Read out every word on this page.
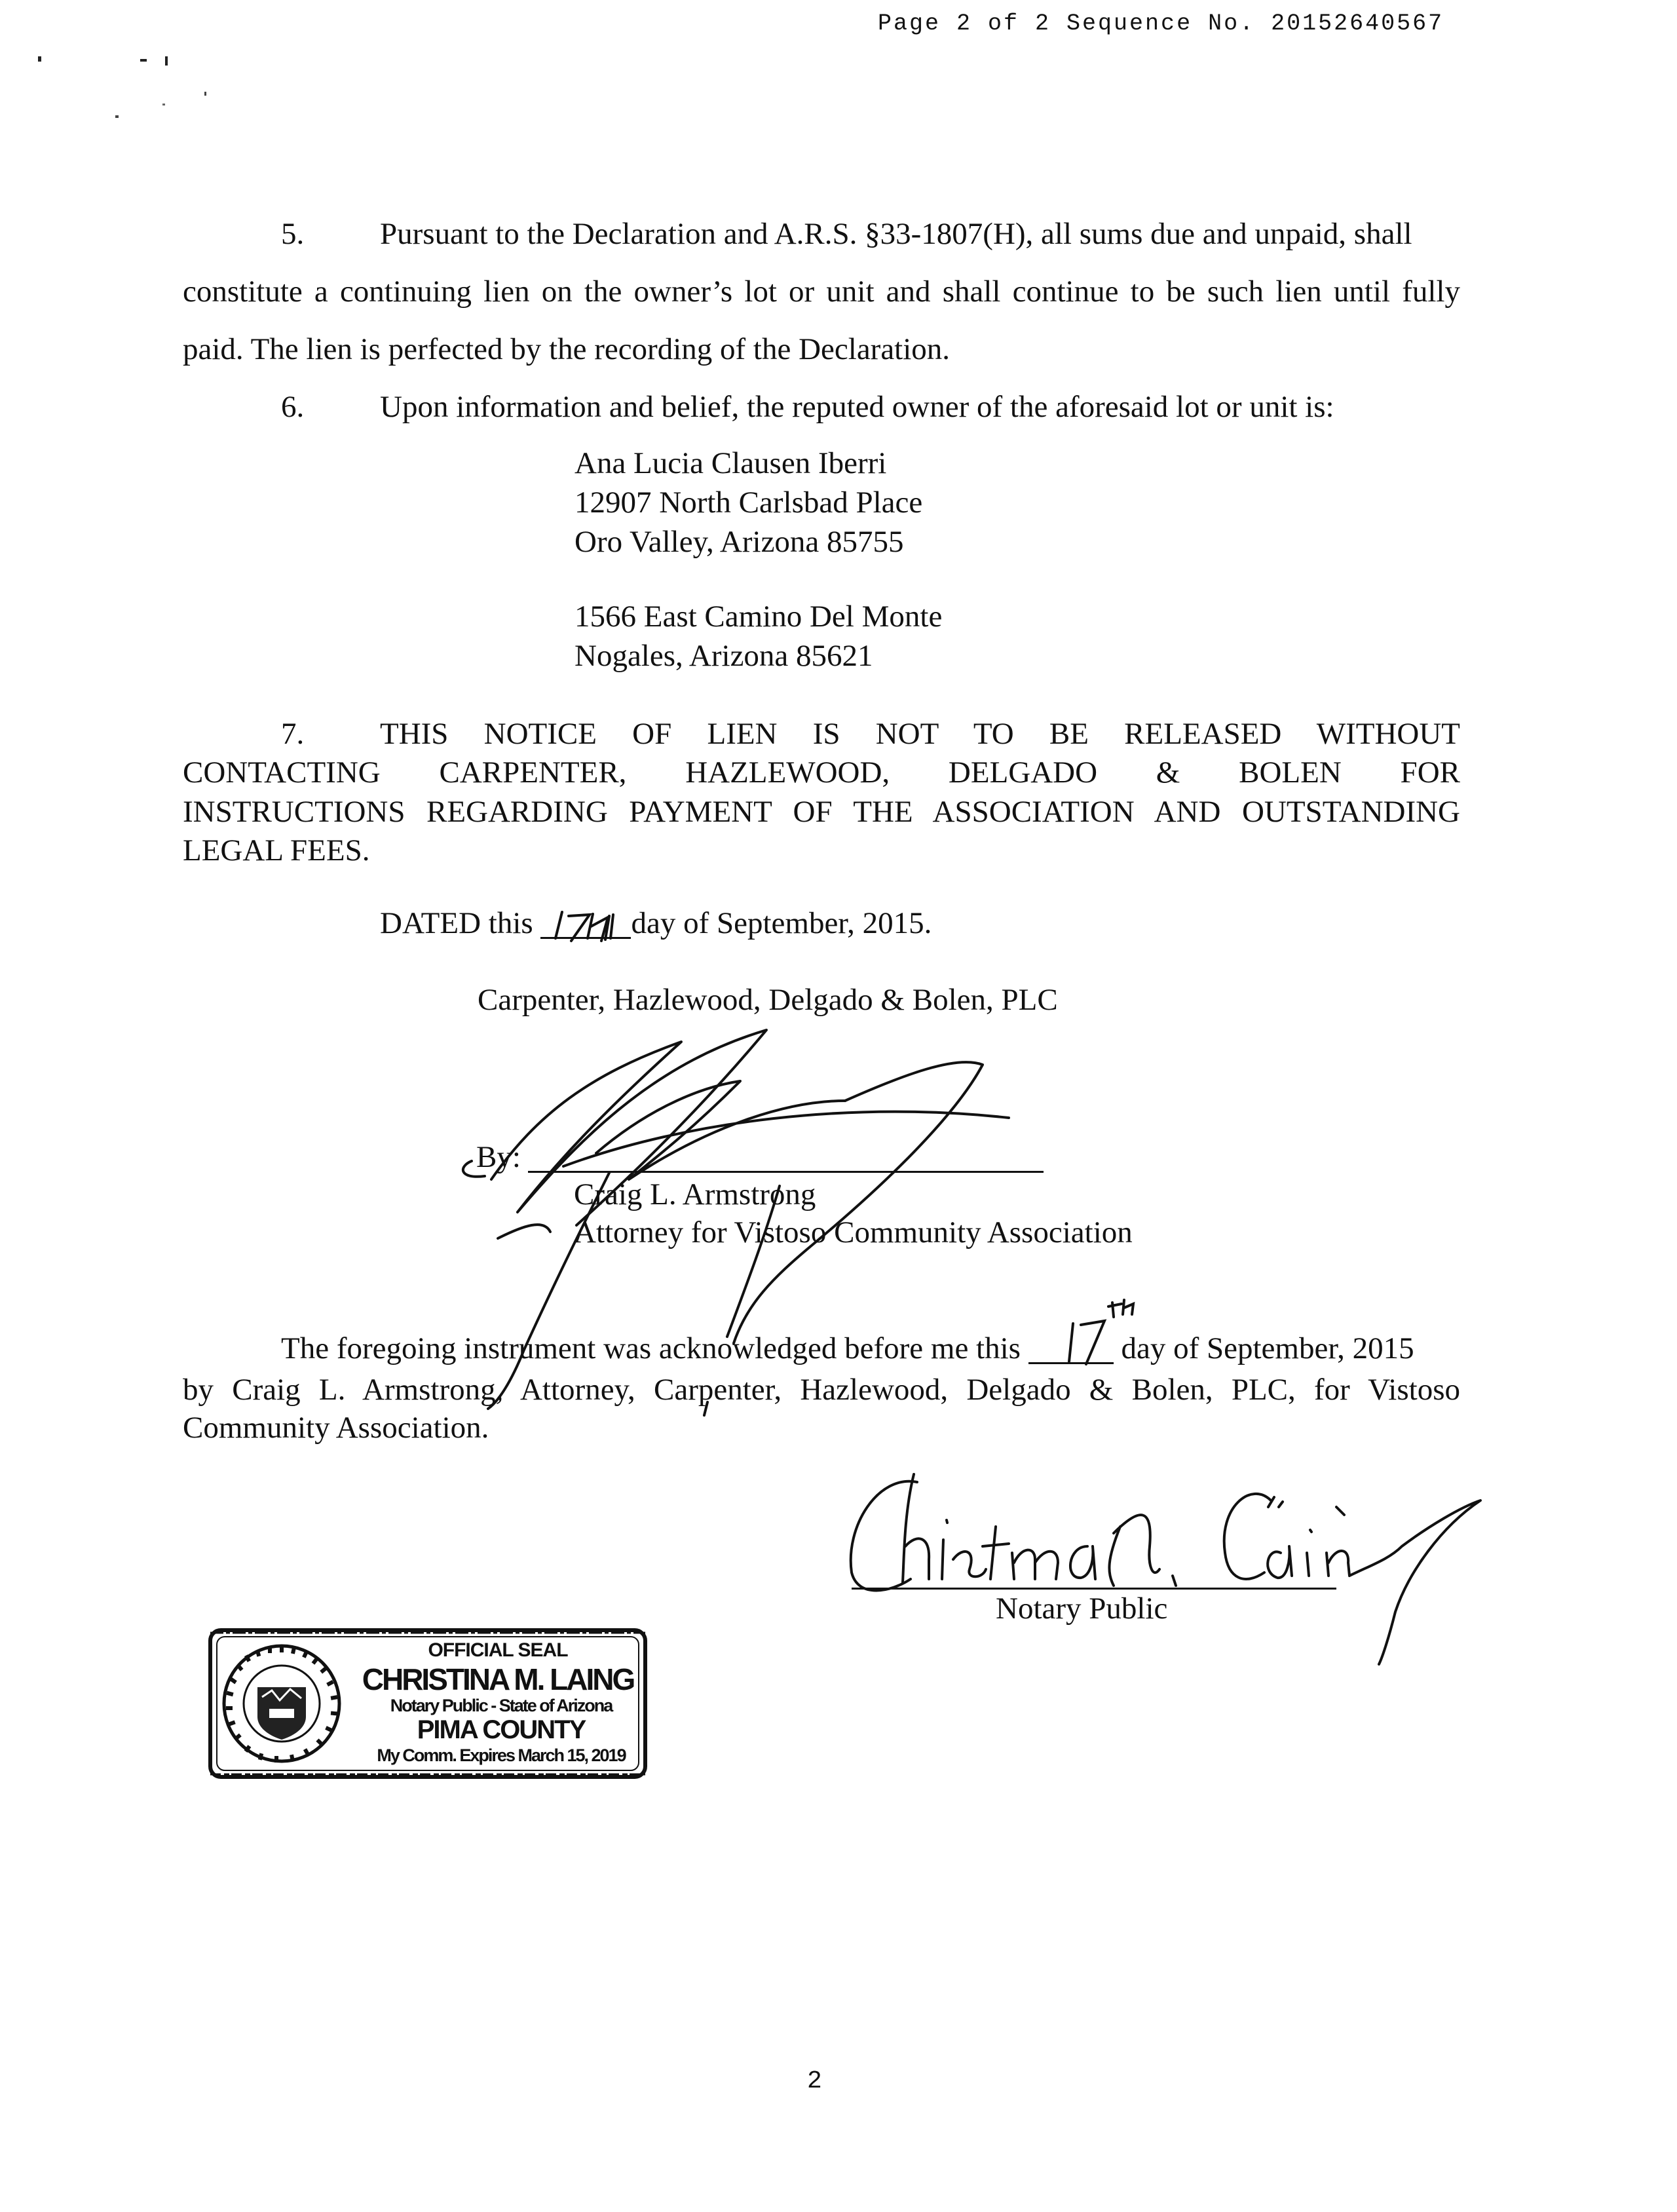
Page 2 of 2 Sequence No. 20152640567
5. Pursuant to the Declaration and A.R.S. §33-1807(H), all sums due and unpaid, shall
constitute a continuing lien on the owner’s lot or unit and shall continue to be such lien until fully
paid. The lien is perfected by the recording of the Declaration.
6. Upon information and belief, the reputed owner of the aforesaid lot or unit is:
Ana Lucia Clausen Iberri
12907 North Carlsbad Place
Oro Valley, Arizona 85755
1566 East Camino Del Monte
Nogales, Arizona 85621
7.	THIS NOTICE OF LIEN IS NOT TO BE RELEASED WITHOUT
CONTACTING CARPENTER, HAZLEWOOD, DELGADO & BOLEN FOR
INSTRUCTIONS REGARDING PAYMENT OF THE ASSOCIATION AND OUTSTANDING
LEGAL FEES.
DATED this	day of September, 2015.
Carpenter, Hazlewood, Delgado & Bolen, PLC
By:
Craig L. Armstrong
Attorney for Vistoso Community Association
The foregoing instrument was acknowledged before me this	day of September, 2015
by Craig L. Armstrong, Attorney, Carpenter, Hazlewood, Delgado & Bolen, PLC, for Vistoso
Community Association.
Notary Public
OFFICIAL SEAL
CHRISTINA M. LAING
Notary Public - State of Arizona
PIMA COUNTY
My Comm. Expires March 15, 2019
2
